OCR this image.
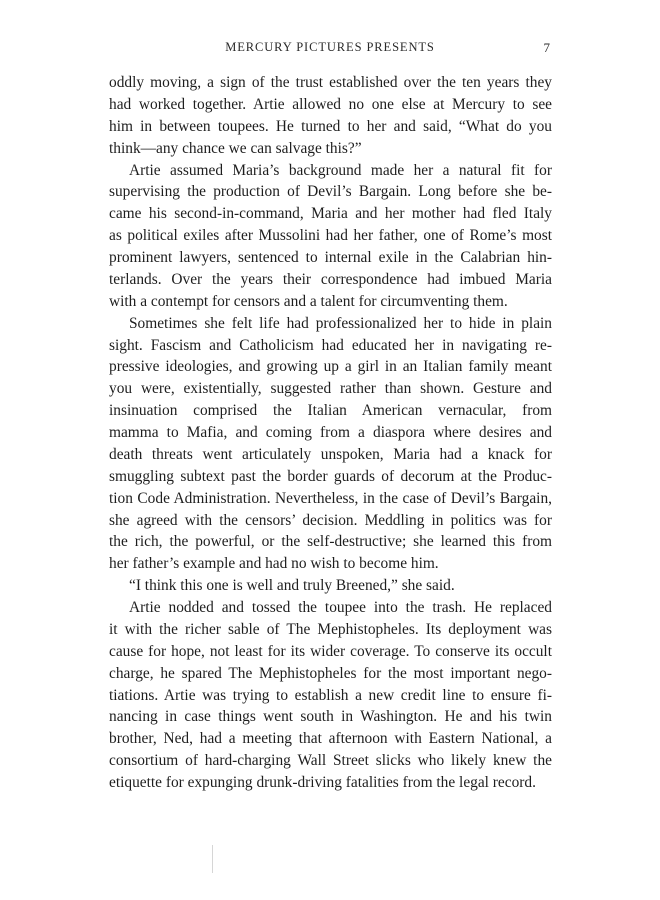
MERCURY PICTURES PRESENTS	7
oddly moving, a sign of the trust established over the ten years they
had worked together. Artie allowed no one else at Mercury to see
him in between toupees. He turned to her and said, “What do you
think—any chance we can salvage this?”
Artie assumed Maria’s background made her a natural fit for
supervising the production of Devil’s Bargain. Long before she be-
came his second-in-command, Maria and her mother had fled Italy
as political exiles after Mussolini had her father, one of Rome’s most
prominent lawyers, sentenced to internal exile in the Calabrian hin-
terlands. Over the years their correspondence had imbued Maria
with a contempt for censors and a talent for circumventing them.
Sometimes she felt life had professionalized her to hide in plain
sight. Fascism and Catholicism had educated her in navigating re-
pressive ideologies, and growing up a girl in an Italian family meant
you were, existentially, suggested rather than shown. Gesture and
insinuation comprised the Italian American vernacular, from
mamma to Mafia, and coming from a diaspora where desires and
death threats went articulately unspoken, Maria had a knack for
smuggling subtext past the border guards of decorum at the Produc-
tion Code Administration. Nevertheless, in the case of Devil’s Bargain,
she agreed with the censors’ decision. Meddling in politics was for
the rich, the powerful, or the self-destructive; she learned this from
her father’s example and had no wish to become him.
“I think this one is well and truly Breened,” she said.
Artie nodded and tossed the toupee into the trash. He replaced
it with the richer sable of The Mephistopheles. Its deployment was
cause for hope, not least for its wider coverage. To conserve its occult
charge, he spared The Mephistopheles for the most important nego-
tiations. Artie was trying to establish a new credit line to ensure fi-
nancing in case things went south in Washington. He and his twin
brother, Ned, had a meeting that afternoon with Eastern National, a
consortium of hard-charging Wall Street slicks who likely knew the
etiquette for expunging drunk-driving fatalities from the legal record.
